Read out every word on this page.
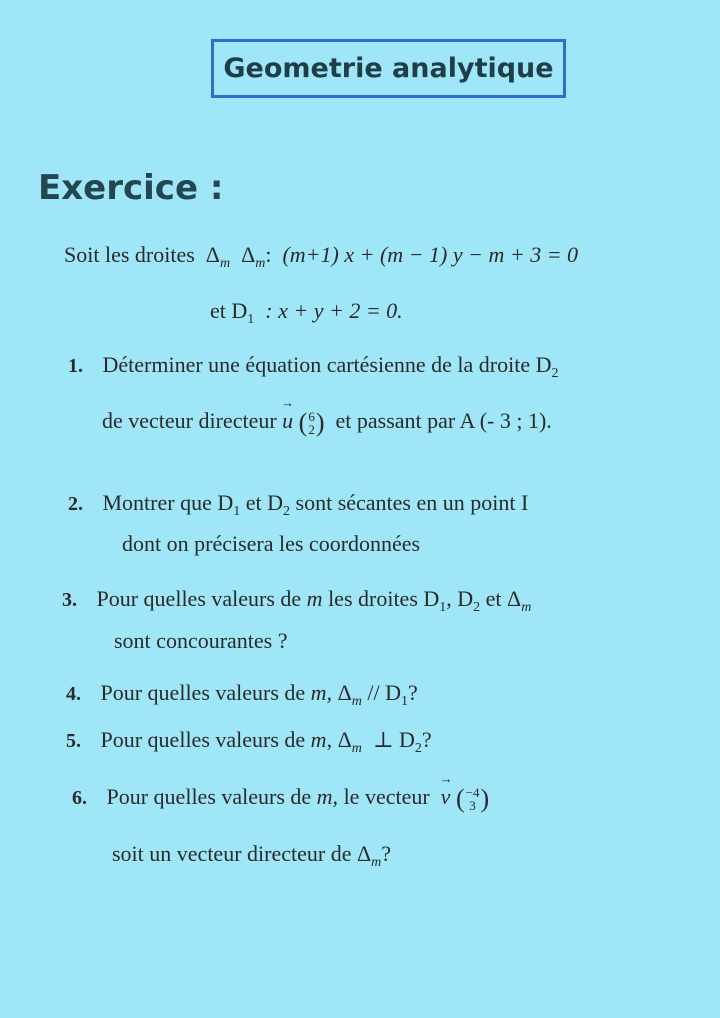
Geometrie analytique
Exercice :
Soit les droites $\Delta_m$ $\Delta_m$: (m+1) x + (m − 1) y − m + 3 = 0
et $D_1$ : x + y + 2 = 0.
1. Déterminer une équation cartésienne de la droite $D_2$
de vecteur directeur → u ( 6
2 ) et passant par A (- 3 ; 1).
2. Montrer que $D_1$ et $D_2$ sont sécantes en un point I
dont on précisera les coordonnées
3. Pour quelles valeurs de m les droites $D_1$, $D_2$ et $\Delta_m$
sont concourantes ?
4. Pour quelles valeurs de m, $\Delta_m // D_1$?
5. Pour quelles valeurs de m, $\Delta_m$ ⊥ $D_2$?
6. Pour quelles valeurs de m, le vecteur → v ( −4
3 )
soit un vecteur directeur de $\Delta_m$?
